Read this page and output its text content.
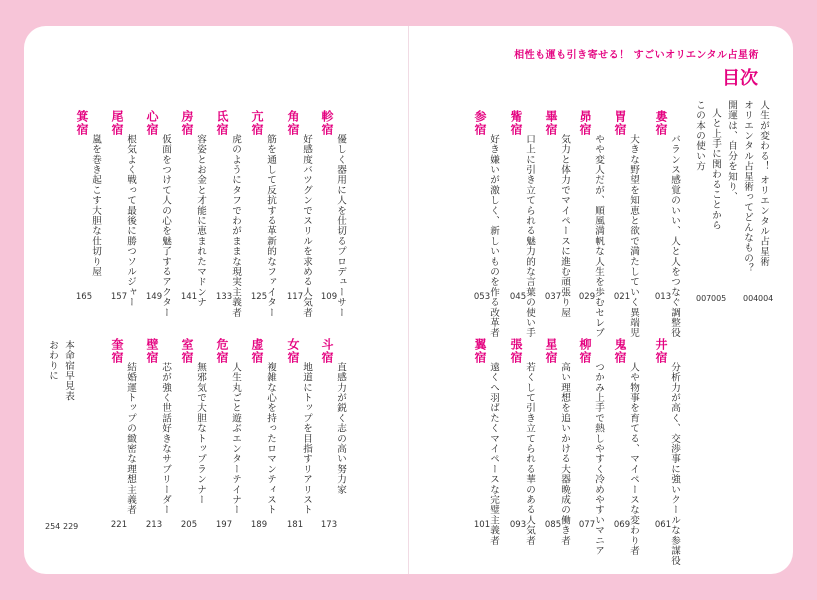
相性も運も引き寄せる！ すごいオリエンタル占星術
目次
人生が変わる！ オリエンタル占星術
オリエンタル占星術ってどんなもの？
開運は、自分を知り、
人と上手に関わることから
この本の使い方
004 004
005
007
婁宿
バランス感覚のいい、人と人をつなぐ調整役
013
胃宿
大きな野望を知恵と欲で満たしていく異端児
021
昴宿
やや変人だが、順風満帆な人生を歩むセレブ
029
畢宿
気力と体力でマイペースに進む頑張り屋
037
觜宿
口上に引き立てられる魅力的な言葉の使い手
045
参宿
好き嫌いが激しく、新しいものを作る改革者
053
井宿
分析力が高く、交渉事に強いクールな参謀役
061
鬼宿
人や物事を育てる、マイペースな変わり者
069
柳宿
つかみ上手で熱しやすく冷めやすいマニア
077
星宿
高い理想を追いかける大器晩成の働き者
085
張宿
若くして引き立てられる華のある人気者
093
翼宿
遠くへ羽ばたくマイペースな完璧主義者
101
軫宿
優しく器用に人を仕切るプロデューサー
109
角宿
好感度バツグンでスリルを求める人気者
117
亢宿
筋を通して反抗する革新的なファイター
125
氐宿
虎のようにタフでわがままな現実主義者
133
房宿
容姿とお金と才能に恵まれたマドンナ
141
心宿
仮面をつけて人の心を魅了するアクター
149
尾宿
根気よく戦って最後に勝つソルジャー
157
箕宿
嵐を巻き起こす大胆な仕切り屋
165
斗宿
直感力が鋭く志の高い努力家
173
女宿
地道にトップを目指すリアリスト
181
虚宿
複雑な心を持ったロマンティスト
189
危宿
人生丸ごと遊ぶエンターテイナー
197
室宿
無邪気で大胆なトップランナー
205
壁宿
芯が強く世話好きなサブリーダー
213
奎宿
結婚運トップの緻密な理想主義者
221
本命宿早見表
おわりに
229
254
